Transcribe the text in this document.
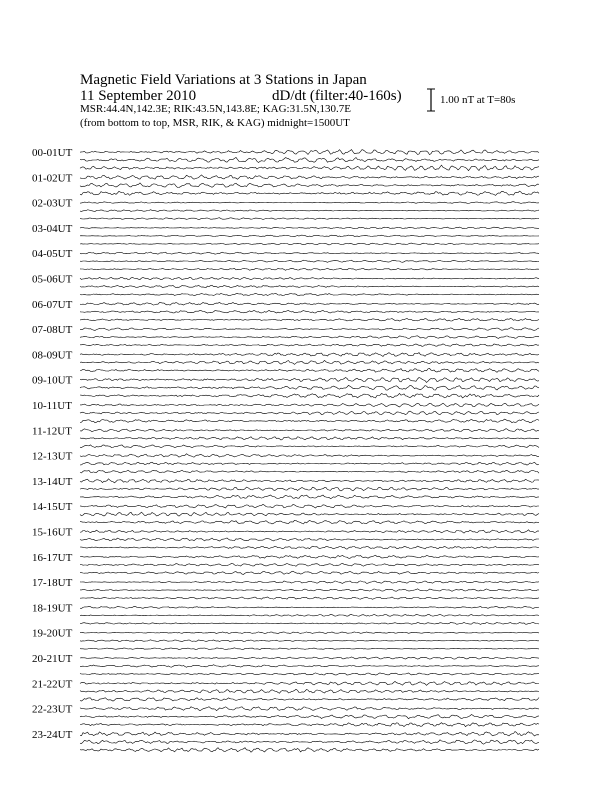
Magnetic Field Variations at 3 Stations in Japan
11 September 2010	dD/dt (filter:40-160s)
MSR:44.4N,142.3E; RIK:43.5N,143.8E; KAG:31.5N,130.7E
(from bottom to top, MSR, RIK, & KAG) midnight=1500UT
1.00 nT at T=80s
00-01UT
01-02UT
02-03UT
03-04UT
04-05UT
05-06UT
06-07UT
07-08UT
08-09UT
09-10UT
10-11UT
11-12UT
12-13UT
13-14UT
14-15UT
15-16UT
16-17UT
17-18UT
18-19UT
19-20UT
20-21UT
21-22UT
22-23UT
23-24UT
